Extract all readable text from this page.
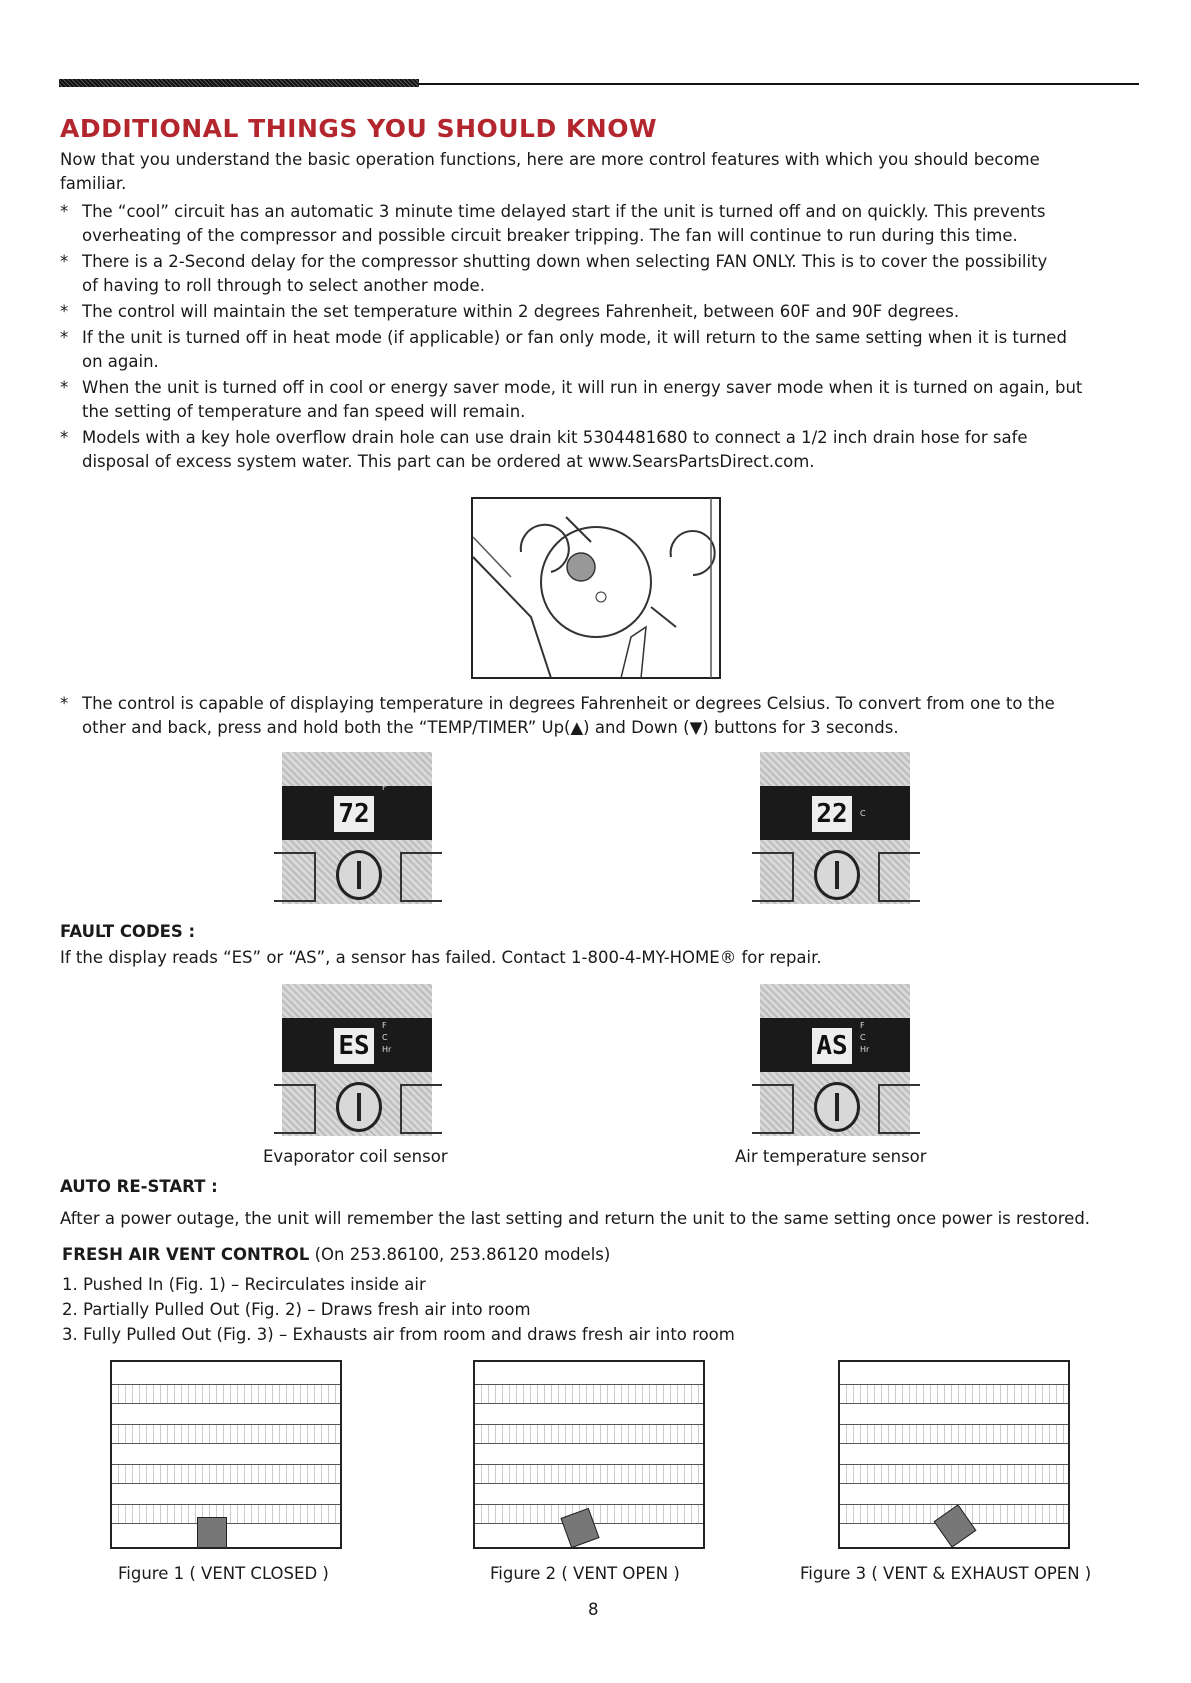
ADDITIONAL THINGS YOU SHOULD KNOW
Now that you understand the basic operation functions, here are more control features with which you should become
familiar.
* The “cool” circuit has an automatic 3 minute time delayed start if the unit is turned off and on quickly. This prevents
overheating of the compressor and possible circuit breaker tripping. The fan will continue to run during this time.
* There is a 2-Second delay for the compressor shutting down when selecting FAN ONLY. This is to cover the possibility
of having to roll through to select another mode.
* The control will maintain the set temperature within 2 degrees Fahrenheit, between 60F and 90F degrees.
* If the unit is turned off in heat mode (if applicable) or fan only mode, it will return to the same setting when it is turned
on again.
* When the unit is turned off in cool or energy saver mode, it will run in energy saver mode when it is turned on again, but
the setting of temperature and fan speed will remain.
* Models with a key hole overflow drain hole can use drain kit 5304481680 to connect a 1/2 inch drain hose for safe
disposal of excess system water. This part can be ordered at www.SearsPartsDirect.com.
* The control is capable of displaying temperature in degrees Fahrenheit or degrees Celsius. To convert from one to the
other and back, press and hold both the “TEMP/TIMER” Up(▲) and Down (▼) buttons for 3 seconds.
72
F
22	C
FAULT CODES :
If the display reads “ES” or “AS”, a sensor has failed. Contact 1-800-4-MY-HOME® for repair.
ES
F
C
Hr	AS
F
C
Hr
Evaporator coil sensor	Air temperature sensor
AUTO RE-START :
After a power outage, the unit will remember the last setting and return the unit to the same setting once power is restored.
FRESH AIR VENT CONTROL (On 253.86100, 253.86120 models)
1. Pushed In (Fig. 1) – Recirculates inside air
2. Partially Pulled Out (Fig. 2) – Draws fresh air into room
3. Fully Pulled Out (Fig. 3) – Exhausts air from room and draws fresh air into room
Figure 1 ( VENT CLOSED )	Figure 2 ( VENT OPEN )	Figure 3 ( VENT & EXHAUST OPEN )
8
